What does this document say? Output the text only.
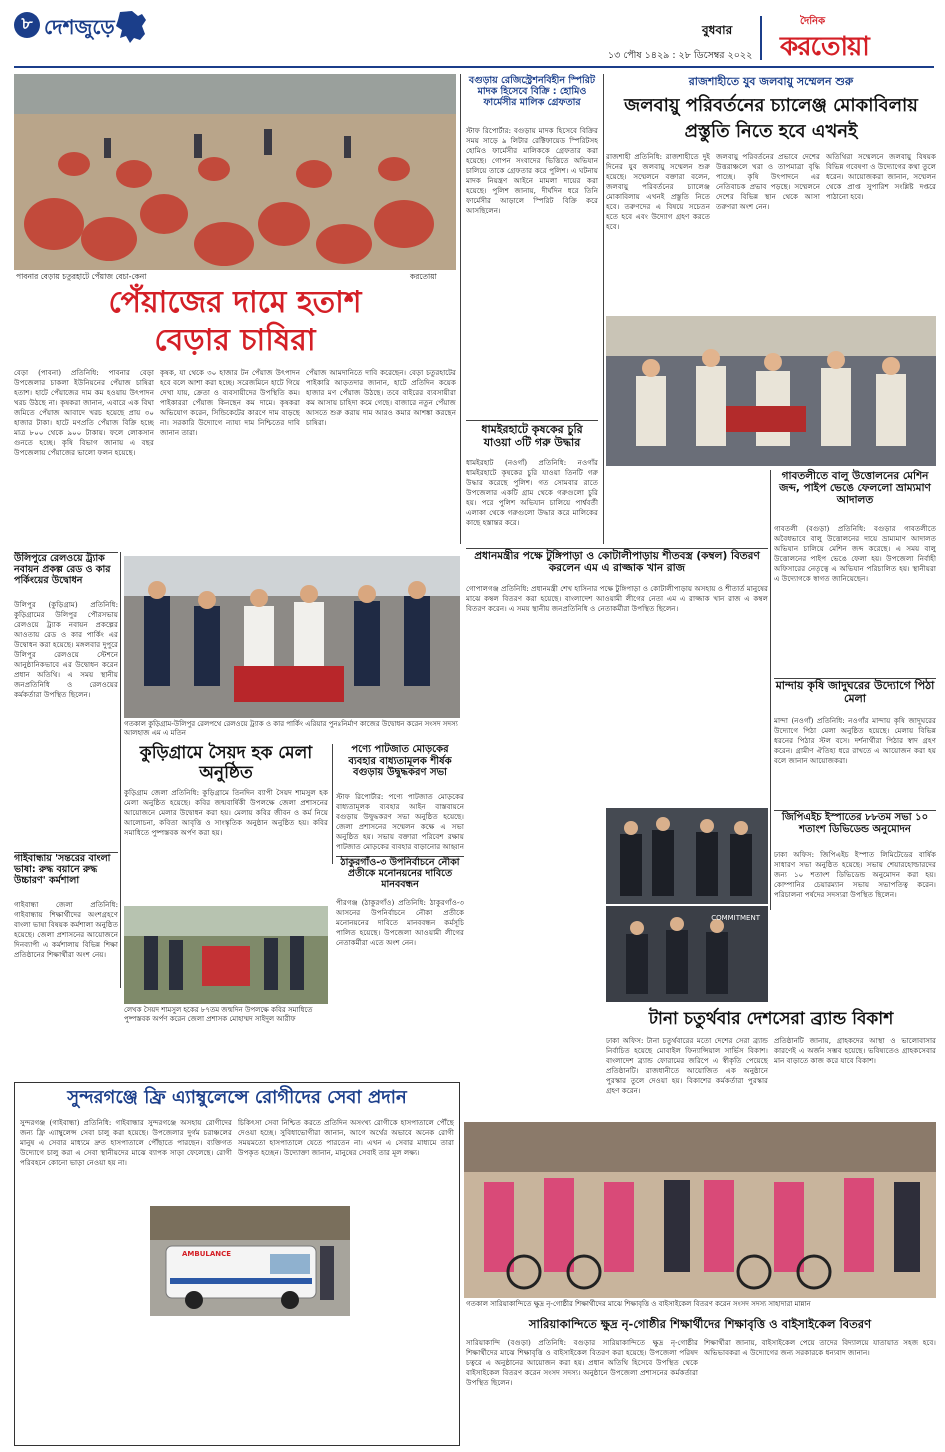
৮ দেশজুড়ে	বুধবার
দৈনিক
করতোয়া
১৩ পৌষ ১৪২৯ : ২৮ ডিসেম্বর ২০২২
পাবনার বেড়ায় চতুরহাটে পেঁয়াজ বেচা-কেনা	করতোয়া
পেঁয়াজের দামে হতাশ
বেড়ার চাষিরা
বেড়া (পাবনা) প্রতিনিধি: পাবনার বেড়া উপজেলার চাকলা ইউনিয়নের পেঁয়াজ চাষিরা হতাশ। হাটে পেঁয়াজের দাম কম হওয়ায় উৎপাদন খরচ উঠছে না। কৃষকরা জানান, এবারে এক বিঘা জমিতে পেঁয়াজ আবাদে খরচ হয়েছে প্রায় ৩০ হাজার টাকা। হাটে মণপ্রতি পেঁয়াজ বিক্রি হচ্ছে মাত্র ৮০০ থেকে ৯০০ টাকায়। ফলে লোকসান গুনতে হচ্ছে। কৃষি বিভাগ জানায় এ বছর উপজেলায় পেঁয়াজের ভালো ফলন হয়েছে।
কৃষক, যা থেকে ৩০ হাজার টন পেঁয়াজ উৎপাদন হবে বলে আশা করা হচ্ছে। সরেজমিনে হাটে গিয়ে দেখা যায়, ক্রেতা ও ব্যবসায়ীদের উপস্থিতি কম। পাইকাররা পেঁয়াজ কিনছেন কম দামে। কৃষকরা অভিযোগ করেন, সিন্ডিকেটের কারণে দাম বাড়ছে না। সরকারি উদ্যোগে ন্যায্য দাম নিশ্চিতের দাবি জানান তারা।
পেঁয়াজ আমদানিতে দাবি করেছেন। বেড়া চতুরহাটের পাইকারি আড়তদার জানান, হাটে প্রতিদিন কয়েক হাজার মণ পেঁয়াজ উঠছে। তবে বাইরের ব্যবসায়ীরা কম আসায় চাহিদা কমে গেছে। বাজারে নতুন পেঁয়াজ আসতে শুরু করায় দাম আরও কমার আশঙ্কা করছেন চাষিরা।
বগুড়ায় রেজিস্ট্রেশনবিহীন স্পিরিট মাদক হিসেবে বিক্রি : হোমিও ফার্মেসীর মালিক গ্রেফতার
স্টাফ রিপোর্টার: বগুড়ায় মাদক হিসেবে বিক্রির সময় সাড়ে ৯ লিটার রেক্টিফায়েড স্পিরিটসহ হোমিও ফার্মেসীর মালিককে গ্রেফতার করা হয়েছে। গোপন সংবাদের ভিত্তিতে অভিযান চালিয়ে তাকে গ্রেফতার করে পুলিশ। এ ঘটনায় মাদক নিয়ন্ত্রণ আইনে মামলা দায়ের করা হয়েছে। পুলিশ জানায়, দীর্ঘদিন ধরে তিনি ফার্মেসীর আড়ালে স্পিরিট বিক্রি করে আসছিলেন।
ধামইরহাটে কৃষকের চুরি যাওয়া ৩টি গরু উদ্ধার
ধামইরহাট (নওগাঁ) প্রতিনিধি: নওগাঁর ধামইরহাটে কৃষকের চুরি যাওয়া তিনটি গরু উদ্ধার করেছে পুলিশ। গত সোমবার রাতে উপজেলার একটি গ্রাম থেকে গরুগুলো চুরি হয়। পরে পুলিশ অভিযান চালিয়ে পার্শ্ববর্তী এলাকা থেকে গরুগুলো উদ্ধার করে মালিকের কাছে হস্তান্তর করে।
রাজশাহীতে যুব জলবায়ু সম্মেলন শুরু
জলবায়ু পরিবর্তনের চ্যালেঞ্জ মোকাবিলায়
প্রস্তুতি নিতে হবে এখনই
রাজশাহী প্রতিনিধি: রাজশাহীতে দুই দিনের যুব জলবায়ু সম্মেলন শুরু হয়েছে। সম্মেলনে বক্তারা বলেন, জলবায়ু পরিবর্তনের চ্যালেঞ্জ মোকাবিলায় এখনই প্রস্তুতি নিতে হবে। তরুণদের এ বিষয়ে সচেতন হতে হবে এবং উদ্যোগ গ্রহণ করতে হবে।
জলবায়ু পরিবর্তনের প্রভাবে দেশের উত্তরাঞ্চলে খরা ও তাপমাত্রা বৃদ্ধি পাচ্ছে। কৃষি উৎপাদনে এর নেতিবাচক প্রভাব পড়ছে। সম্মেলনে দেশের বিভিন্ন স্থান থেকে আসা তরুণরা অংশ নেন।
অতিথিরা সম্মেলনে জলবায়ু বিষয়ক বিভিন্ন গবেষণা ও উদ্যোগের কথা তুলে ধরেন। আয়োজকরা জানান, সম্মেলন থেকে প্রাপ্ত সুপারিশ সংশ্লিষ্ট দপ্তরে পাঠানো হবে।
গাবতলীতে বালু উত্তোলনের মেশিন জব্দ, পাইপ ভেঙে ফেললো ভ্রাম্যমাণ আদালত
গাবতলী (বগুড়া) প্রতিনিধি: বগুড়ার গাবতলীতে অবৈধভাবে বালু উত্তোলনের দায়ে ভ্রাম্যমাণ আদালত অভিযান চালিয়ে মেশিন জব্দ করেছে। এ সময় বালু উত্তোলনের পাইপ ভেঙে ফেলা হয়। উপজেলা নির্বাহী অফিসারের নেতৃত্বে এ অভিযান পরিচালিত হয়। স্থানীয়রা এ উদ্যোগকে স্বাগত জানিয়েছেন।
প্রধানমন্ত্রীর পক্ষে টুঙ্গিপাড়া ও কোটালীপাড়ায় শীতবস্ত্র (কম্বল) বিতরণ করলেন এম এ রাজ্জাক খান রাজ
গোপালগঞ্জ প্রতিনিধি: প্রধানমন্ত্রী শেখ হাসিনার পক্ষে টুঙ্গিপাড়া ও কোটালীপাড়ায় অসহায় ও শীতার্ত মানুষের মাঝে কম্বল বিতরণ করা হয়েছে। বাংলাদেশ আওয়ামী লীগের নেতা এম এ রাজ্জাক খান রাজ এ কম্বল বিতরণ করেন। এ সময় স্থানীয় জনপ্রতিনিধি ও নেতাকর্মীরা উপস্থিত ছিলেন।
মান্দায় কৃষি জাদুঘরের উদ্যোগে পিঠা মেলা
মান্দা (নওগাঁ) প্রতিনিধি: নওগাঁর মান্দায় কৃষি জাদুঘরের উদ্যোগে পিঠা মেলা অনুষ্ঠিত হয়েছে। মেলায় বিভিন্ন ধরনের পিঠার স্টল বসে। দর্শনার্থীরা পিঠার স্বাদ গ্রহণ করেন। গ্রামীণ ঐতিহ্য ধরে রাখতে এ আয়োজন করা হয় বলে জানান আয়োজকরা।
জিপিএইচ ইস্পাতের ৮৮তম সভা ১০ শতাংশ ডিভিডেন্ড অনুমোদন
ঢাকা অফিস: জিপিএইচ ইস্পাত লিমিটেডের বার্ষিক সাধারণ সভা অনুষ্ঠিত হয়েছে। সভায় শেয়ারহোল্ডারদের জন্য ১০ শতাংশ ডিভিডেন্ড অনুমোদন করা হয়। কোম্পানির চেয়ারম্যান সভায় সভাপতিত্ব করেন। পরিচালনা পর্ষদের সদস্যরা উপস্থিত ছিলেন।
উলিপুরে রেলওয়ে ট্র্যাক নবায়ন প্রকল্প রেড ও কার পর্কিংয়ের উদ্বোধন
উলিপুর (কুড়িগ্রাম) প্রতিনিধি: কুড়িগ্রামের উলিপুর পৌরসভায় রেলওয়ে ট্র্যাক নবায়ন প্রকল্পের আওতায় রেড ও কার পার্কিং এর উদ্বোধন করা হয়েছে। মঙ্গলবার দুপুরে উলিপুর রেলওয়ে স্টেশনে আনুষ্ঠানিকভাবে এর উদ্বোধন করেন প্রধান অতিথি। এ সময় স্থানীয় জনপ্রতিনিধি ও রেলওয়ের কর্মকর্তারা উপস্থিত ছিলেন।
গাইবান্ধায় 'সন্তরের বাংলা ভাষা: রুদ্ধ বয়ানে রুদ্ধ উচ্চারণ' কর্মশালা
গাইবান্ধা জেলা প্রতিনিধি: গাইবান্ধায় শিক্ষার্থীদের অংশগ্রহণে বাংলা ভাষা বিষয়ক কর্মশালা অনুষ্ঠিত হয়েছে। জেলা প্রশাসনের আয়োজনে দিনব্যাপী এ কর্মশালায় বিভিন্ন শিক্ষা প্রতিষ্ঠানের শিক্ষার্থীরা অংশ নেয়।
গতকাল কুড়িগ্রাম-উলিপুর রেলপথে রেলওয়ে ট্র্যাক ও কার পার্কিং এরিয়ার পুনঃনির্মাণ কাজের উদ্বোধন করেন সংসদ সদস্য আলহাজ এম এ মতিন
কুড়িগ্রামে সৈয়দ হক মেলা অনুষ্ঠিত
পণ্যে পাটজাত মোড়কের ব্যবহার বাধ্যতামূলক শীর্ষক বগুড়ায় উদ্বুদ্ধকরণ সভা
কুড়িগ্রাম জেলা প্রতিনিধি: কুড়িগ্রামে তিনদিন ব্যাপী সৈয়দ শামসুল হক মেলা অনুষ্ঠিত হয়েছে। কবির জন্মবার্ষিকী উপলক্ষে জেলা প্রশাসনের আয়োজনে মেলার উদ্বোধন করা হয়। মেলায় কবির জীবন ও কর্ম নিয়ে আলোচনা, কবিতা আবৃত্তি ও সাংস্কৃতিক অনুষ্ঠান অনুষ্ঠিত হয়। কবির সমাধিতে পুষ্পস্তবক অর্পণ করা হয়।
স্টাফ রিপোর্টার: পণ্যে পাটজাত মোড়কের বাধ্যতামূলক ব্যবহার আইন বাস্তবায়নে বগুড়ায় উদ্বুদ্ধকরণ সভা অনুষ্ঠিত হয়েছে। জেলা প্রশাসনের সম্মেলন কক্ষে এ সভা অনুষ্ঠিত হয়। সভায় বক্তারা পরিবেশ রক্ষায় পাটজাত মোড়কের ব্যবহার বাড়ানোর আহ্বান
লেখক সৈয়দ শামসুল হকের ৮৭তম জন্মদিন উপলক্ষে কবির সমাধিতে পুষ্পস্তবক অর্পণ করেন জেলা প্রশাসক মোহাম্মদ সাইদুল আরীফ
ঠাকুরগাঁও-৩ উপনির্বাচনে নৌকা প্রতীকে মনোনয়নের দাবিতে মানববন্ধন
পীরগঞ্জ (ঠাকুরগাঁও) প্রতিনিধি: ঠাকুরগাঁও-৩ আসনের উপনির্বাচনে নৌকা প্রতীকে মনোনয়নের দাবিতে মানববন্ধন কর্মসূচি পালিত হয়েছে। উপজেলা আওয়ামী লীগের নেতাকর্মীরা এতে অংশ নেন।
COMMITMENT
টানা চতুর্থবার দেশসেরা ব্র্যান্ড বিকাশ
ঢাকা অফিস: টানা চতুর্থবারের মতো দেশের সেরা ব্র্যান্ড নির্বাচিত হয়েছে মোবাইল ফিন্যান্সিয়াল সার্ভিস বিকাশ। বাংলাদেশ ব্র্যান্ড ফোরামের জরিপে এ স্বীকৃতি পেয়েছে প্রতিষ্ঠানটি। রাজধানীতে আয়োজিত এক অনুষ্ঠানে পুরস্কার তুলে দেওয়া হয়। বিকাশের কর্মকর্তারা পুরস্কার গ্রহণ করেন।
প্রতিষ্ঠানটি জানায়, গ্রাহকদের আস্থা ও ভালোবাসার কারণেই এ অর্জন সম্ভব হয়েছে। ভবিষ্যতেও গ্রাহকসেবার মান বাড়াতে কাজ করে যাবে বিকাশ।
সুন্দরগঞ্জে ফ্রি এ্যাম্বুলেন্সে রোগীদের সেবা প্রদান
সুন্দরগঞ্জ (গাইবান্ধা) প্রতিনিধি: গাইবান্ধার সুন্দরগঞ্জে অসহায় রোগীদের জন্য ফ্রি এ্যাম্বুলেন্স সেবা চালু করা হয়েছে। উপজেলার দুর্গম চরাঞ্চলের মানুষ এ সেবার মাধ্যমে দ্রুত হাসপাতালে পৌঁছাতে পারছেন। ব্যক্তিগত উদ্যোগে চালু করা এ সেবা স্থানীয়দের মাঝে ব্যাপক সাড়া ফেলেছে। রোগী পরিবহনে কোনো ভাড়া নেওয়া হয় না।
চিকিৎসা সেবা নিশ্চিত করতে প্রতিদিন অসংখ্য রোগীকে হাসপাতালে পৌঁছে দেওয়া হচ্ছে। সুবিধাভোগীরা জানান, আগে অর্থের অভাবে অনেক রোগী সময়মতো হাসপাতালে যেতে পারতেন না। এখন এ সেবার মাধ্যমে তারা উপকৃত হচ্ছেন। উদ্যোক্তা জানান, মানুষের সেবাই তার মূল লক্ষ্য।
AMBULANCE
গতকাল সারিয়াকান্দিতে ক্ষুদ্র নৃ-গোষ্ঠীর শিক্ষার্থীদের মাঝে শিক্ষাবৃত্তি ও বাইসাইকেল বিতরণ করেন সংসদ সদস্য সাহাদারা মান্নান
সারিয়াকান্দিতে ক্ষুদ্র নৃ-গোষ্ঠীর শিক্ষার্থীদের শিক্ষাবৃত্তি ও বাইসাইকেল বিতরণ
সারিয়াকান্দি (বগুড়া) প্রতিনিধি: বগুড়ার সারিয়াকান্দিতে ক্ষুদ্র নৃ-গোষ্ঠীর শিক্ষার্থীদের মাঝে শিক্ষাবৃত্তি ও বাইসাইকেল বিতরণ করা হয়েছে। উপজেলা পরিষদ চত্বরে এ অনুষ্ঠানের আয়োজন করা হয়। প্রধান অতিথি হিসেবে উপস্থিত থেকে বাইসাইকেল বিতরণ করেন সংসদ সদস্য। অনুষ্ঠানে উপজেলা প্রশাসনের কর্মকর্তারা উপস্থিত ছিলেন।
শিক্ষার্থীরা জানায়, বাইসাইকেল পেয়ে তাদের বিদ্যালয়ে যাতায়াত সহজ হবে। অভিভাবকরা এ উদ্যোগের জন্য সরকারকে ধন্যবাদ জানান।
